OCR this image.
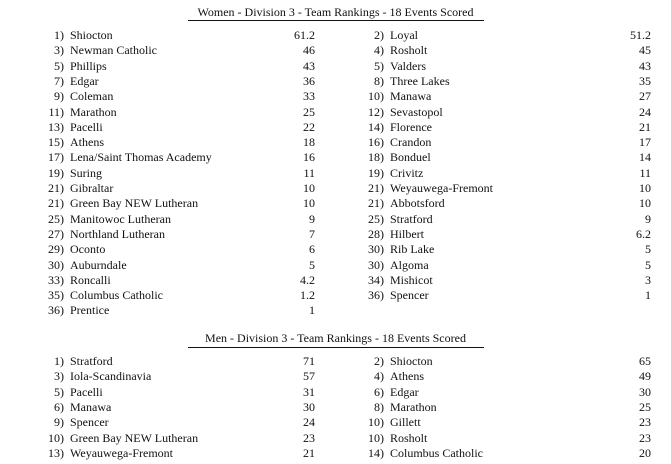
Women - Division 3 - Team Rankings - 18 Events Scored
1) Shiocton	61.2
3) Newman Catholic	46
5) Phillips	43
7) Edgar	36
9) Coleman	33
11) Marathon	25
13) Pacelli	22
15) Athens	18
17) Lena/Saint Thomas Academy	16
19) Suring	11
21) Gibraltar	10
21) Green Bay NEW Lutheran	10
25) Manitowoc Lutheran	9
27) Northland Lutheran	7
29) Oconto	6
30) Auburndale	5
33) Roncalli	4.2
35) Columbus Catholic	1.2
36) Prentice	1
2) Loyal	51.2
4) Rosholt	45
5) Valders	43
8) Three Lakes	35
10) Manawa	27
12) Sevastopol	24
14) Florence	21
16) Crandon	17
18) Bonduel	14
19) Crivitz	11
21) Weyauwega-Fremont	10
21) Abbotsford	10
25) Stratford	9
28) Hilbert	6.2
30) Rib Lake	5
30) Algoma	5
34) Mishicot	3
36) Spencer	1
Men - Division 3 - Team Rankings - 18 Events Scored
1) Stratford	71
3) Iola-Scandinavia	57
5) Pacelli	31
6) Manawa	30
9) Spencer	24
10) Green Bay NEW Lutheran	23
13) Weyauwega-Fremont	21
2) Shiocton	65
4) Athens	49
6) Edgar	30
8) Marathon	25
10) Gillett	23
10) Rosholt	23
14) Columbus Catholic	20
